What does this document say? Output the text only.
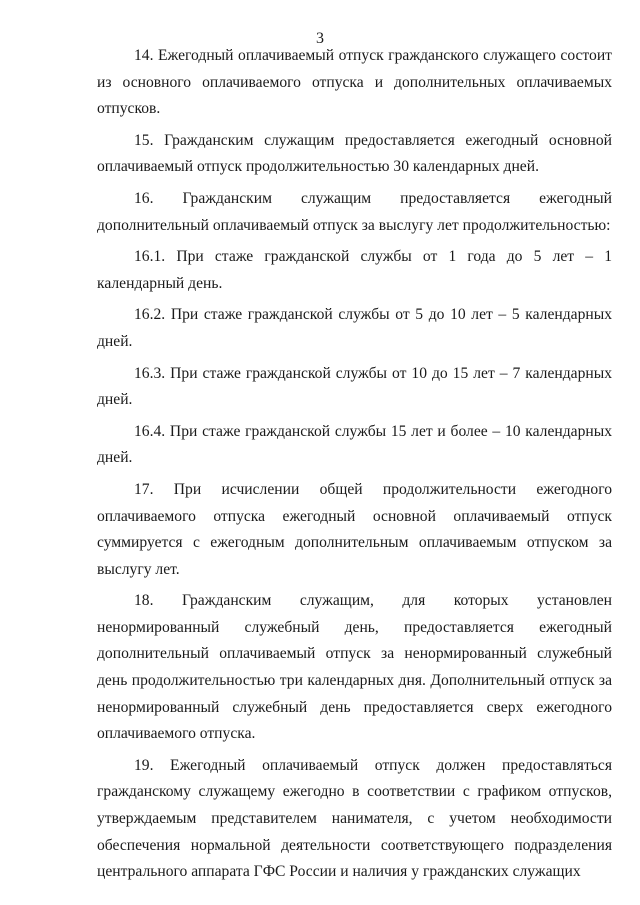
3

14. Ежегодный оплачиваемый отпуск гражданского служащего состоит из основного оплачиваемого отпуска и дополнительных оплачиваемых отпусков.

15. Гражданским служащим предоставляется ежегодный основной оплачиваемый отпуск продолжительностью 30 календарных дней.

16. Гражданским служащим предоставляется ежегодный дополнительный оплачиваемый отпуск за выслугу лет продолжительностью:

16.1. При стаже гражданской службы от 1 года до 5 лет – 1 календарный день.

16.2. При стаже гражданской службы от 5 до 10 лет – 5 календарных дней.

16.3. При стаже гражданской службы от 10 до 15 лет – 7 календарных дней.

16.4. При стаже гражданской службы 15 лет и более – 10 календарных дней.

17. При исчислении общей продолжительности ежегодного оплачиваемого отпуска ежегодный основной оплачиваемый отпуск суммируется с ежегодным дополнительным оплачиваемым отпуском за выслугу лет.

18. Гражданским служащим, для которых установлен ненормированный служебный день, предоставляется ежегодный дополнительный оплачиваемый отпуск за ненормированный служебный день продолжительностью три календарных дня. Дополнительный отпуск за ненормированный служебный день предоставляется сверх ежегодного оплачиваемого отпуска.

19. Ежегодный оплачиваемый отпуск должен предоставляться гражданскому служащему ежегодно в соответствии с графиком отпусков, утверждаемым представителем нанимателя, с учетом необходимости обеспечения нормальной деятельности соответствующего подразделения центрального аппарата ГФС России и наличия у гражданских служащих
